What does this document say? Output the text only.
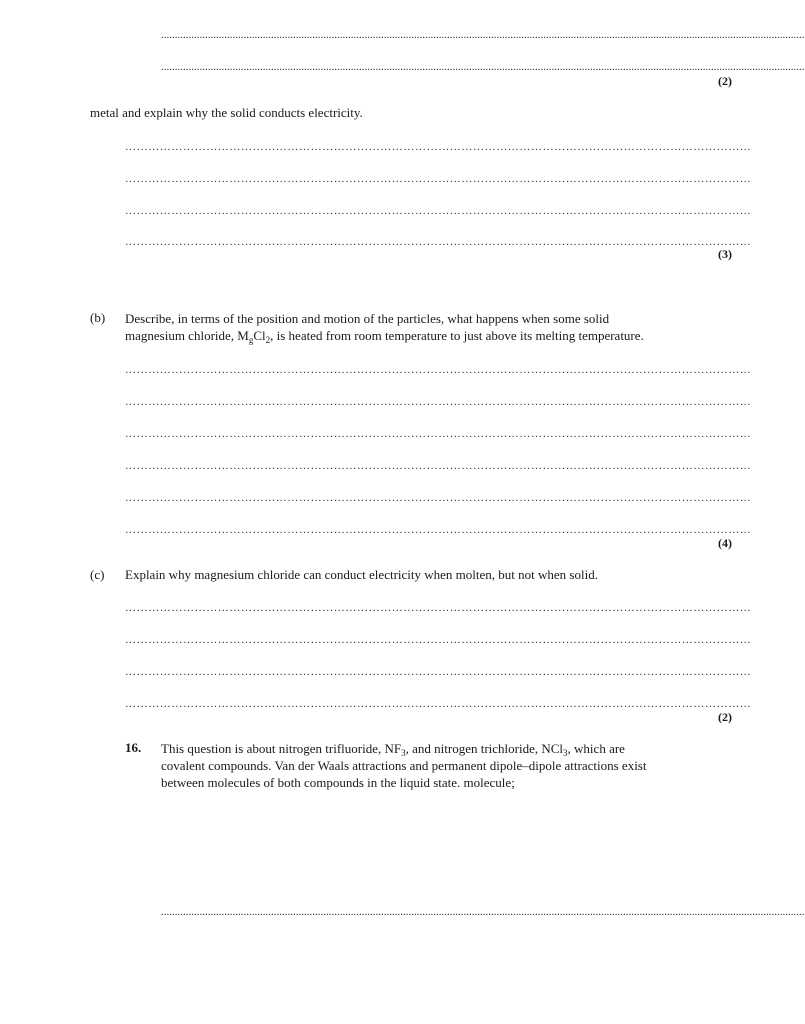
..........................................................................................................................................................................................................................................
..........................................................................................................................................................................................................................................
(2)
metal and explain why the solid conducts electricity.
………………………………………………………………………………………………………………………………………………
………………………………………………………………………………………………………………………………………………
………………………………………………………………………………………………………………………………………………
………………………………………………………………………………………………………………………………………………
(3)
(b) Describe, in terms of the position and motion of the particles, what happens when some solid
magnesium chloride, $M_gCl_2$, is heated from room temperature to just above its melting temperature.
………………………………………………………………………………………………………………………………………………
………………………………………………………………………………………………………………………………………………
………………………………………………………………………………………………………………………………………………
………………………………………………………………………………………………………………………………………………
………………………………………………………………………………………………………………………………………………
………………………………………………………………………………………………………………………………………………
(4)
(c) Explain why magnesium chloride can conduct electricity when molten, but not when solid.
………………………………………………………………………………………………………………………………………………
………………………………………………………………………………………………………………………………………………
………………………………………………………………………………………………………………………………………………
………………………………………………………………………………………………………………………………………………
(2)
16. This question is about nitrogen trifluoride, $NF_3$, and nitrogen trichloride, NCl$_3$, which are
covalent compounds. Van der Waals attractions and permanent dipole–dipole attractions exist
between molecules of both compounds in the liquid state. molecule;
..........................................................................................................................................................................................................................................
